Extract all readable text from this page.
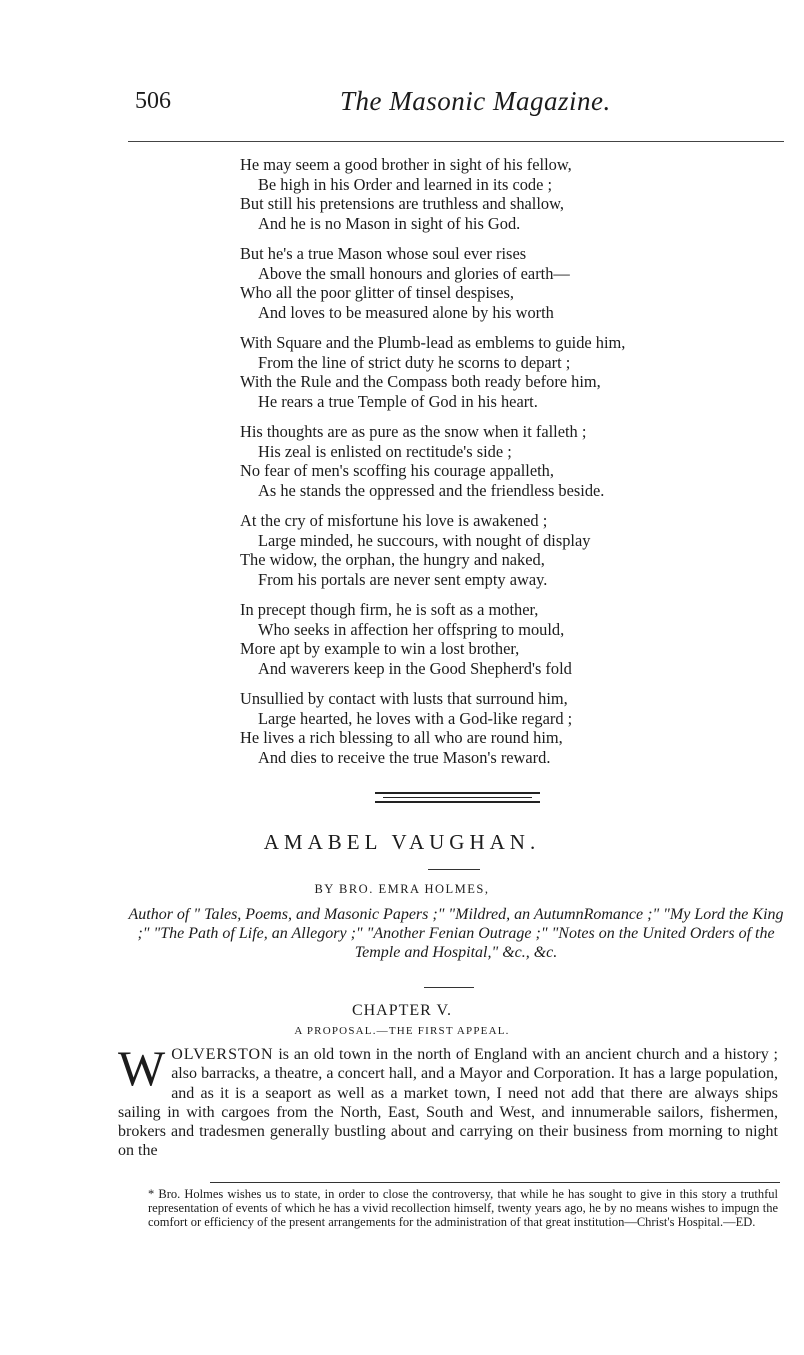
506	The Masonic Magazine.
He may seem a good brother in sight of his fellow,
Be high in his Order and learned in its code ;
But still his pretensions are truthless and shallow,
And he is no Mason in sight of his God.
But he's a true Mason whose soul ever rises
Above the small honours and glories of earth—
Who all the poor glitter of tinsel despises,
And loves to be measured alone by his worth
With Square and the Plumb-lead as emblems to guide him,
From the line of strict duty he scorns to depart ;
With the Rule and the Compass both ready before him,
He rears a true Temple of God in his heart.
His thoughts are as pure as the snow when it falleth ;
His zeal is enlisted on rectitude's side ;
No fear of men's scoffing his courage appalleth,
As he stands the oppressed and the friendless beside.
At the cry of misfortune his love is awakened ;
Large minded, he succours, with nought of display
The widow, the orphan, the hungry and naked,
From his portals are never sent empty away.
In precept though firm, he is soft as a mother,
Who seeks in affection her offspring to mould,
More apt by example to win a lost brother,
And waverers keep in the Good Shepherd's fold
Unsullied by contact with lusts that surround him,
Large hearted, he loves with a God-like regard ;
He lives a rich blessing to all who are round him,
And dies to receive the true Mason's reward.
AMABEL VAUGHAN.
BY BRO. EMRA HOLMES,
Author of " Tales, Poems, and Masonic Papers ;" "Mildred, an AutumnRomance ;" "My Lord the King ;" "The Path of Life, an Allegory ;" "Another Fenian Outrage ;" "Notes on the United Orders of the Temple and Hospital," &c., &c.
CHAPTER V.
A PROPOSAL.—THE FIRST APPEAL.
WOLVERSTON is an old town in the north of England with an ancient church and a history ; also barracks, a theatre, a concert hall, and a Mayor and Corporation. It has a large population, and as it is a seaport as well as a market town, I need not add that there are always ships sailing in with cargoes from the North, East, South and West, and innumerable sailors, fishermen, brokers and tradesmen generally bustling about and carrying on their business from morning to night on the
* Bro. Holmes wishes us to state, in order to close the controversy, that while he has sought to give in this story a truthful representation of events of which he has a vivid recollection himself, twenty years ago, he by no means wishes to impugn the comfort or efficiency of the present arrangements for the administration of that great institution—Christ's Hospital.—ED.
